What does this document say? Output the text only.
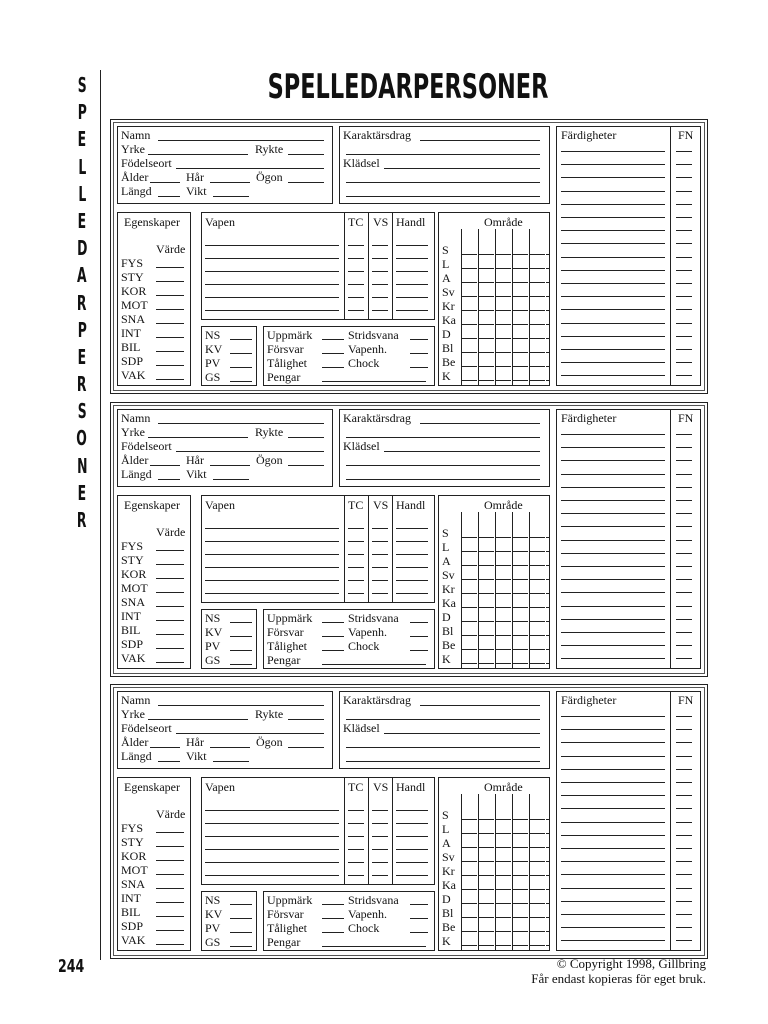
S
P
E
L
L
E
D
A
R
P
E
R
S
O
N
E
R
SPELLEDARPERSONER
244	© Copyright 1998, Gillbring
Får endast kopieras för eget bruk.
Namn
Yrke	Rykte
Födelseort
Ålder	Hår	Ögon
Längd	Vikt
Karaktärsdrag
Klädsel
Färdigheter	FN
Egenskaper
Värde
FYS
STY
KOR
MOT
SNA
INT
BIL
SDP
VAK
Vapen	TC VS Handl
NS
KV
PV
GS
Uppmärk	Stridsvana
Försvar	Vapenh.
Tålighet	Chock
Pengar
Område
S
L
A
Sv
Kr
Ka
D
Bl
Be
K
Namn
Yrke	Rykte
Födelseort
Ålder	Hår	Ögon
Längd	Vikt
Karaktärsdrag
Klädsel
Färdigheter	FN
Egenskaper
Värde
FYS
STY
KOR
MOT
SNA
INT
BIL
SDP
VAK
Vapen	TC VS Handl
NS
KV
PV
GS
Uppmärk	Stridsvana
Försvar	Vapenh.
Tålighet	Chock
Pengar
Område
S
L
A
Sv
Kr
Ka
D
Bl
Be
K
Namn
Yrke	Rykte
Födelseort
Ålder	Hår	Ögon
Längd	Vikt
Karaktärsdrag
Klädsel
Färdigheter	FN
Egenskaper
Värde
FYS
STY
KOR
MOT
SNA
INT
BIL
SDP
VAK
Vapen	TC VS Handl
NS
KV
PV
GS
Uppmärk	Stridsvana
Försvar	Vapenh.
Tålighet	Chock
Pengar
Område
S
L
A
Sv
Kr
Ka
D
Bl
Be
K
